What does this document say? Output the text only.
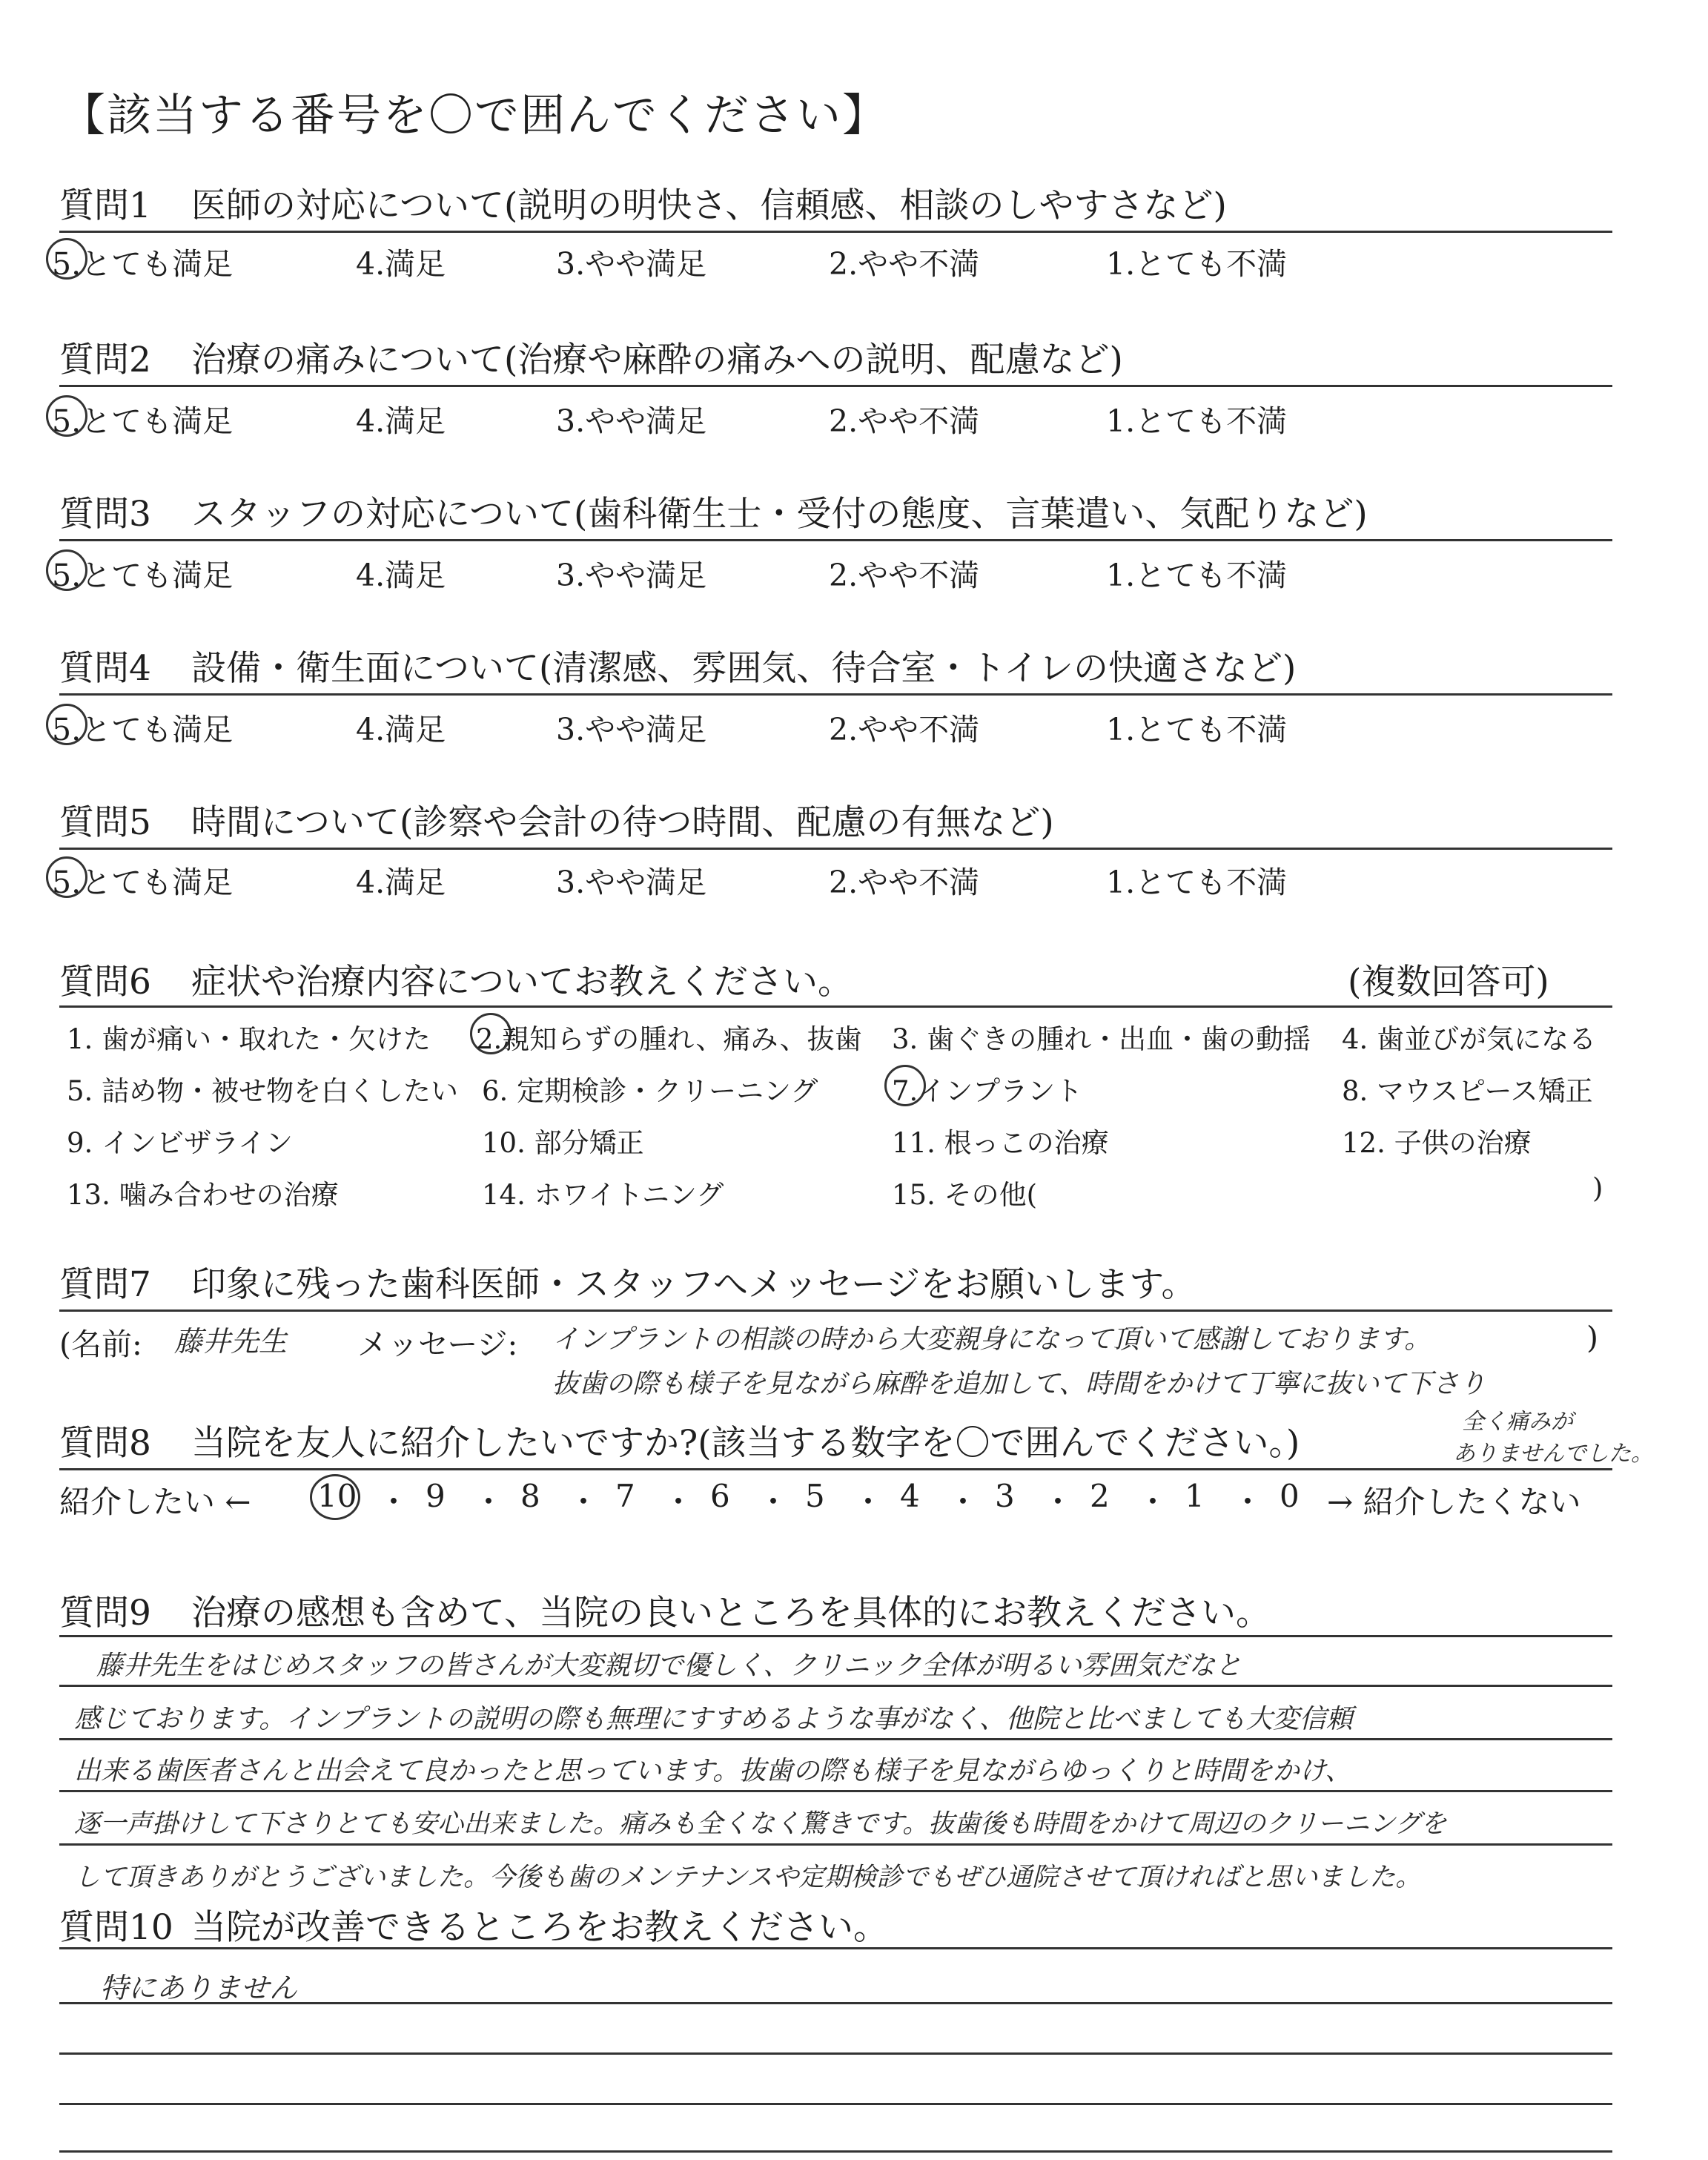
【該当する番号を〇で囲んでください】
質問1 医師の対応について(説明の明快さ、信頼感、相談のしやすさなど)
5.とても満足	4.満足	3.やや満足	2.やや不満	1.とても不満
質問2 治療の痛みについて(治療や麻酔の痛みへの説明、配慮など)
5.とても満足	4.満足	3.やや満足	2.やや不満	1.とても不満
質問3 スタッフの対応について(歯科衛生士・受付の態度、言葉遣い、気配りなど)
5.とても満足	4.満足	3.やや満足	2.やや不満	1.とても不満
質問4 設備・衛生面について(清潔感、雰囲気、待合室・トイレの快適さなど)
5.とても満足	4.満足	3.やや満足	2.やや不満	1.とても不満
質問5 時間について(診察や会計の待つ時間、配慮の有無など)
5.とても満足	4.満足	3.やや満足	2.やや不満	1.とても不満
質問6 症状や治療内容についてお教えください。	(複数回答可)
1. 歯が痛い・取れた・欠けた 2.親知らずの腫れ、痛み、抜歯 3. 歯ぐきの腫れ・出血・歯の動揺 4. 歯並びが気になる
5. 詰め物・被せ物を白くしたい 6. 定期検診・クリーニング	7.インプラント	8. マウスピース矯正
9. インビザライン	10. 部分矯正	11. 根っこの治療	12. 子供の治療
13. 噛み合わせの治療	14. ホワイトニング	15. その他(	)
質問7 印象に残った歯科医師・スタッフへメッセージをお願いします。
(名前: 藤井先生 メッセージ: インプラントの相談の時から大変親身になって頂いて感謝しております。	)
抜歯の際も様子を見ながら麻酔を追加して、時間をかけて丁寧に抜いて下さり
質問8 当院を友人に紹介したいですか?(該当する数字を〇で囲んでください。)
全く痛みが
ありませんでした。
紹介したい ← 10 ・ 9 ・ 8 ・ 7 ・ 6 ・ 5 ・ 4 ・ 3 ・ 2 ・ 1 ・ 0 → 紹介したくない
質問9 治療の感想も含めて、当院の良いところを具体的にお教えください。
藤井先生をはじめスタッフの皆さんが大変親切で優しく、クリニック全体が明るい雰囲気だなと
感じております。インプラントの説明の際も無理にすすめるような事がなく、他院と比べましても大変信頼
出来る歯医者さんと出会えて良かったと思っています。抜歯の際も様子を見ながらゆっくりと時間をかけ、
逐一声掛けして下さりとても安心出来ました。痛みも全くなく驚きです。抜歯後も時間をかけて周辺のクリーニングを
して頂きありがとうございました。今後も歯のメンテナンスや定期検診でもぜひ通院させて頂ければと思いました。
質問10 当院が改善できるところをお教えください。
特にありません
